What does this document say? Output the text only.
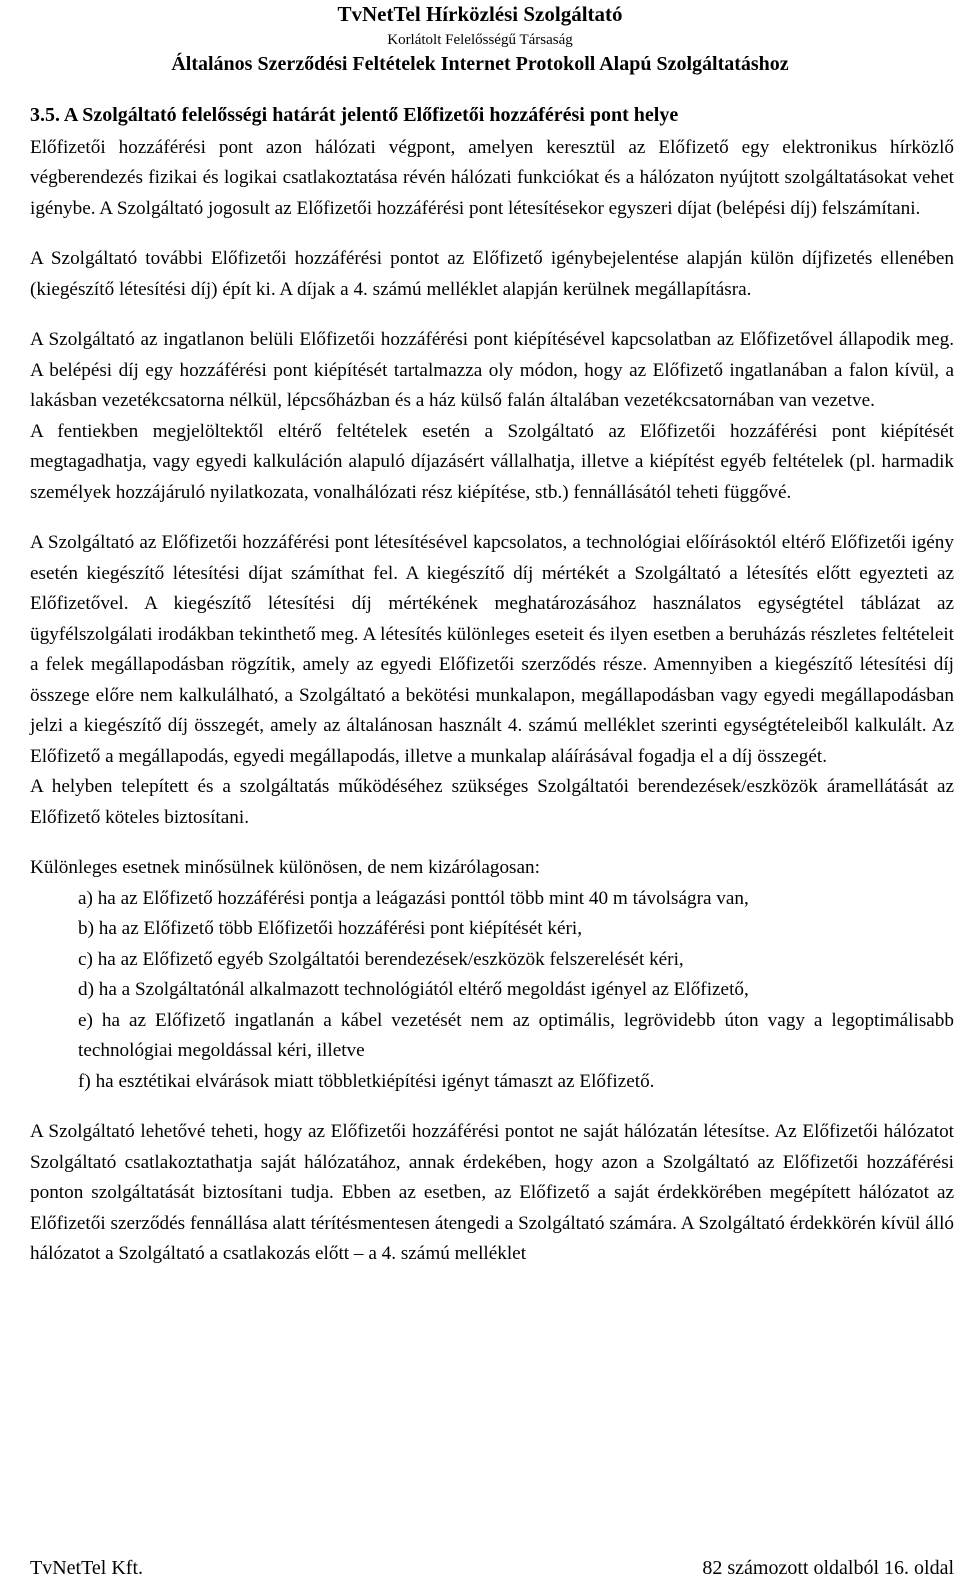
TvNetTel Hírközlési Szolgáltató
Korlátolt Felelősségű Társaság
Általános Szerződési Feltételek Internet Protokoll Alapú Szolgáltatáshoz

3.5. A Szolgáltató felelősségi határát jelentő Előfizetői hozzáférési pont helye

Előfizetői hozzáférési pont azon hálózati végpont, amelyen keresztül az Előfizető egy elektronikus hírközlő végberendezés fizikai és logikai csatlakoztatása révén hálózati funkciókat és a hálózaton nyújtott szolgáltatásokat vehet igénybe. A Szolgáltató jogosult az Előfizetői hozzáférési pont létesítésekor egyszeri díjat (belépési díj) felszámítani.

A Szolgáltató további Előfizetői hozzáférési pontot az Előfizető igénybejelentése alapján külön díjfizetés ellenében (kiegészítő létesítési díj) épít ki. A díjak a 4. számú melléklet alapján kerülnek megállapításra.

A Szolgáltató az ingatlanon belüli Előfizetői hozzáférési pont kiépítésével kapcsolatban az Előfizetővel állapodik meg. A belépési díj egy hozzáférési pont kiépítését tartalmazza oly módon, hogy az Előfizető ingatlanában a falon kívül, a lakásban vezetékcsatorna nélkül, lépcsőházban és a ház külső falán általában vezetékcsatornában van vezetve.

A fentiekben megjelöltektől eltérő feltételek esetén a Szolgáltató az Előfizetői hozzáférési pont kiépítését megtagadhatja, vagy egyedi kalkuláción alapuló díjazásért vállalhatja, illetve a kiépítést egyéb feltételek (pl. harmadik személyek hozzájáruló nyilatkozata, vonalhálózati rész kiépítése, stb.) fennállásától teheti függővé.

A Szolgáltató az Előfizetői hozzáférési pont létesítésével kapcsolatos, a technológiai előírásoktól eltérő Előfizetői igény esetén kiegészítő létesítési díjat számíthat fel. A kiegészítő díj mértékét a Szolgáltató a létesítés előtt egyezteti az Előfizetővel. A kiegészítő létesítési díj mértékének meghatározásához használatos egységtétel táblázat az ügyfélszolgálati irodákban tekinthető meg. A létesítés különleges eseteit és ilyen esetben a beruházás részletes feltételeit a felek megállapodásban rögzítik, amely az egyedi Előfizetői szerződés része. Amennyiben a kiegészítő létesítési díj összege előre nem kalkulálható, a Szolgáltató a bekötési munkalapon, megállapodásban vagy egyedi megállapodásban jelzi a kiegészítő díj összegét, amely az általánosan használt 4. számú melléklet szerinti egységtételeiből kalkulált. Az Előfizető a megállapodás, egyedi megállapodás, illetve a munkalap aláírásával fogadja el a díj összegét.

A helyben telepített és a szolgáltatás működéséhez szükséges Szolgáltatói berendezések/eszközök áramellátását az Előfizető köteles biztosítani.

Különleges esetnek minősülnek különösen, de nem kizárólagosan:

a) ha az Előfizető hozzáférési pontja a leágazási ponttól több mint 40 m távolságra van,

b) ha az Előfizető több Előfizetői hozzáférési pont kiépítését kéri,

c) ha az Előfizető egyéb Szolgáltatói berendezések/eszközök felszerelését kéri,

d) ha a Szolgáltatónál alkalmazott technológiától eltérő megoldást igényel az Előfizető,

e) ha az Előfizető ingatlanán a kábel vezetését nem az optimális, legrövidebb úton vagy a legoptimálisabb technológiai megoldással kéri, illetve

f) ha esztétikai elvárások miatt többletkiépítési igényt támaszt az Előfizető.

A Szolgáltató lehetővé teheti, hogy az Előfizetői hozzáférési pontot ne saját hálózatán létesítse. Az Előfizetői hálózatot Szolgáltató csatlakoztathatja saját hálózatához, annak érdekében, hogy azon a Szolgáltató az Előfizetői hozzáférési ponton szolgáltatását biztosítani tudja. Ebben az esetben, az Előfizető a saját érdekkörében megépített hálózatot az Előfizetői szerződés fennállása alatt térítésmentesen átengedi a Szolgáltató számára. A Szolgáltató érdekkörén kívül álló hálózatot a Szolgáltató a csatlakozás előtt – a 4. számú melléklet

TvNetTel Kft.	82 számozott oldalból 16. oldal
